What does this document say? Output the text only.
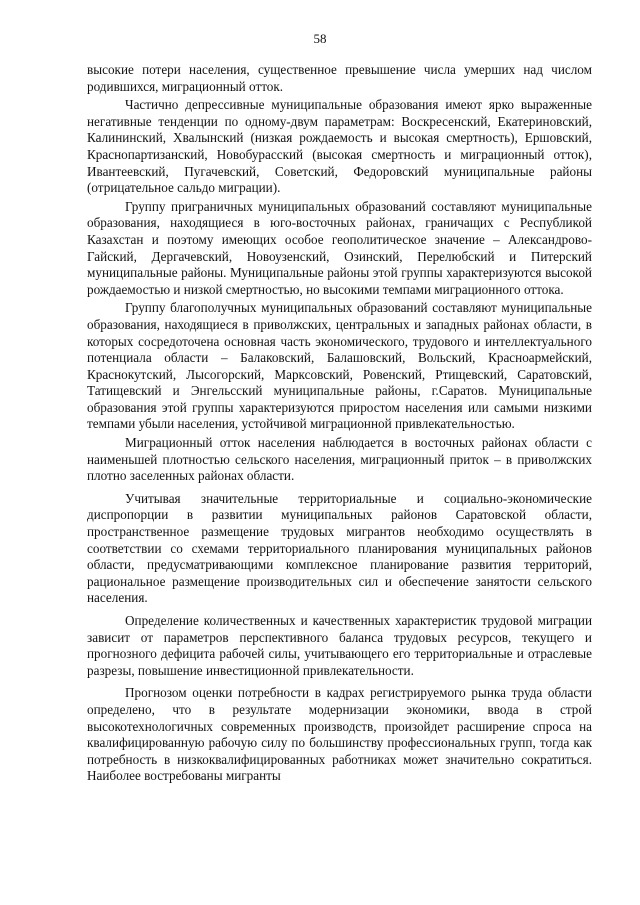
58

высокие потери населения, существенное превышение числа умерших над числом родившихся, миграционный отток.

Частично депрессивные муниципальные образования имеют ярко выраженные негативные тенденции по одному-двум параметрам: Воскресенский, Екатериновский, Калининский, Хвалынский (низкая рождаемость и высокая смертность), Ершовский, Краснопартизанский, Новобурасский (высокая смертность и миграционный отток), Ивантеевский, Пугачевский, Советский, Федоровский муниципальные районы (отрицательное сальдо миграции).

Группу приграничных муниципальных образований составляют муниципальные образования, находящиеся в юго-восточных районах, граничащих с Республикой Казахстан и поэтому имеющих особое геополитическое значение – Александрово-Гайский, Дергачевский, Новоузенский, Озинский, Перелюбский и Питерский муниципальные районы. Муниципальные районы этой группы характеризуются высокой рождаемостью и низкой смертностью, но высокими темпами миграционного оттока.

Группу благополучных муниципальных образований составляют муниципальные образования, находящиеся в приволжских, центральных и западных районах области, в которых сосредоточена основная часть экономического, трудового и интеллектуального потенциала области – Балаковский, Балашовский, Вольский, Красноармейский, Краснокутский, Лысогорский, Марксовский, Ровенский, Ртищевский, Саратовский, Татищевский и Энгельсский муниципальные районы, г.Саратов. Муниципальные образования этой группы характеризуются приростом населения или самыми низкими темпами убыли населения, устойчивой миграционной привлекательностью.

Миграционный отток населения наблюдается в восточных районах области с наименьшей плотностью сельского населения, миграционный приток – в приволжских плотно заселенных районах области.

Учитывая значительные территориальные и социально-экономические диспропорции в развитии муниципальных районов Саратовской области, пространственное размещение трудовых мигрантов необходимо осуществлять в соответствии со схемами территориального планирования муниципальных районов области, предусматривающими комплексное планирование развития территорий, рациональное размещение производительных сил и обеспечение занятости сельского населения.

Определение количественных и качественных характеристик трудовой миграции зависит от параметров перспективного баланса трудовых ресурсов, текущего и прогнозного дефицита рабочей силы, учитывающего его территориальные и отраслевые разрезы, повышение инвестиционной привлекательности.

Прогнозом оценки потребности в кадрах регистрируемого рынка труда области определено, что в результате модернизации экономики, ввода в строй высокотехнологичных современных производств, произойдет расширение спроса на квалифицированную рабочую силу по большинству профессиональных групп, тогда как потребность в низкоквалифицированных работниках может значительно сократиться. Наиболее востребованы мигранты
